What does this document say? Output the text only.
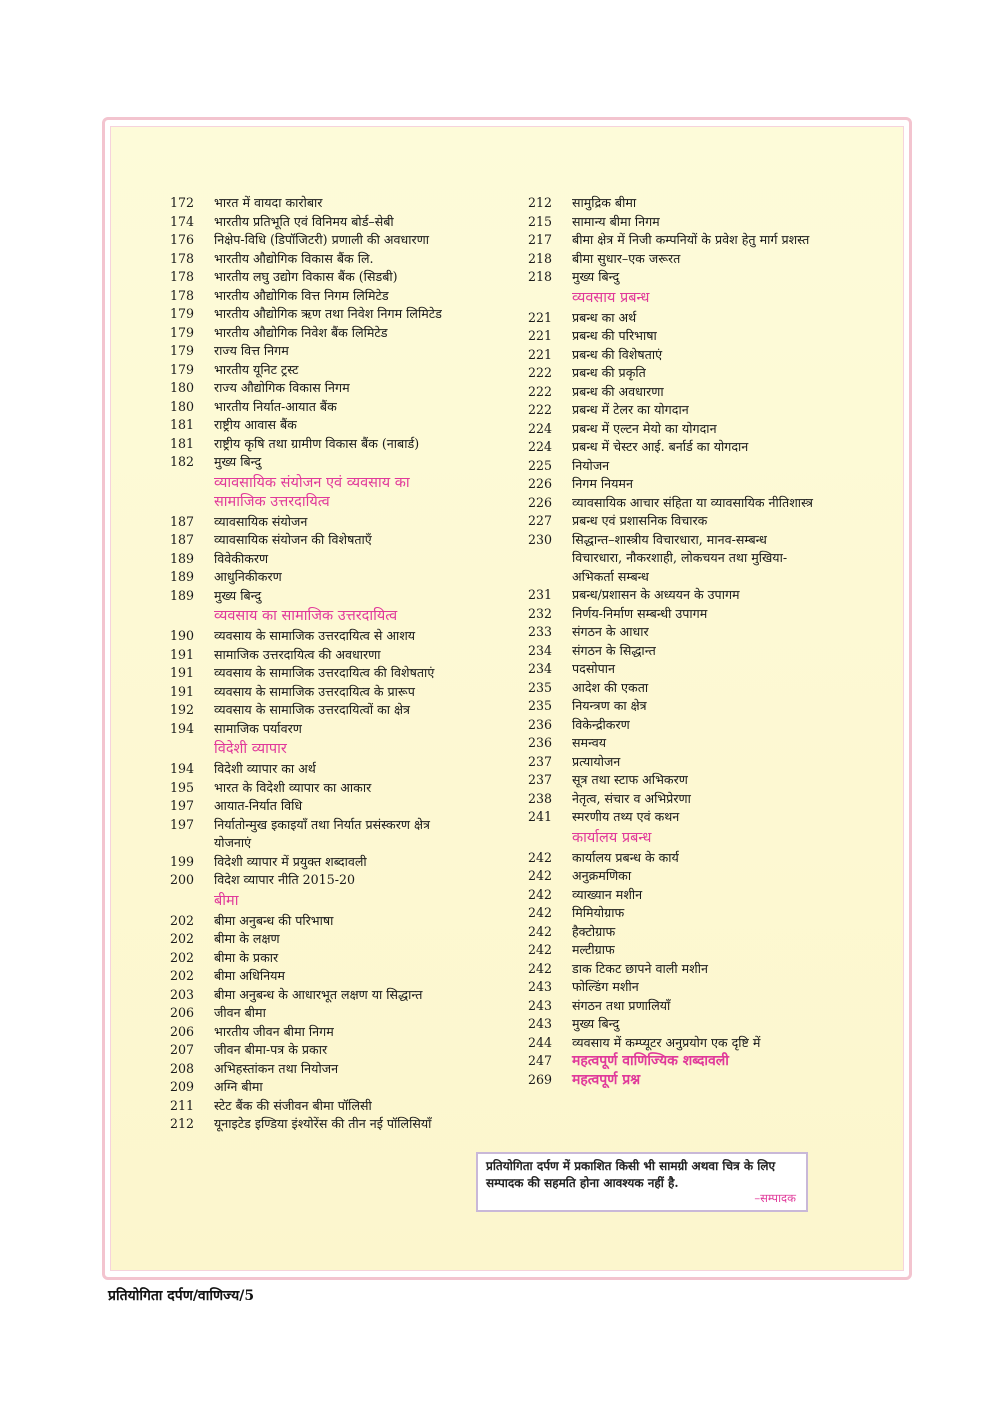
172	भारत में वायदा कारोबार
174	भारतीय प्रतिभूति एवं विनिमय बोर्ड–सेबी
176	निक्षेप-विधि (डिपॉजिटरी) प्रणाली की अवधारणा
178	भारतीय औद्योगिक विकास बैंक लि.
178	भारतीय लघु उद्योग विकास बैंक (सिडबी)
178	भारतीय औद्योगिक वित्त निगम लिमिटेड
179	भारतीय औद्योगिक ऋण तथा निवेश निगम लिमिटेड
179	भारतीय औद्योगिक निवेश बैंक लिमिटेड
179	राज्य वित्त निगम
179	भारतीय यूनिट ट्रस्ट
180	राज्य औद्योगिक विकास निगम
180	भारतीय निर्यात-आयात बैंक
181	राष्ट्रीय आवास बैंक
181	राष्ट्रीय कृषि तथा ग्रामीण विकास बैंक (नाबार्ड)
182	मुख्य बिन्दु
व्यावसायिक संयोजन एवं व्यवसाय का सामाजिक उत्तरदायित्व
187	व्यावसायिक संयोजन
187	व्यावसायिक संयोजन की विशेषताएँ
189	विवेकीकरण
189	आधुनिकीकरण
189	मुख्य बिन्दु
व्यवसाय का सामाजिक उत्तरदायित्व
190	व्यवसाय के सामाजिक उत्तरदायित्व से आशय
191	सामाजिक उत्तरदायित्व की अवधारणा
191	व्यवसाय के सामाजिक उत्तरदायित्व की विशेषताएं
191	व्यवसाय के सामाजिक उत्तरदायित्व के प्रारूप
192	व्यवसाय के सामाजिक उत्तरदायित्वों का क्षेत्र
194	सामाजिक पर्यावरण
विदेशी व्यापार
194	विदेशी व्यापार का अर्थ
195	भारत के विदेशी व्यापार का आकार
197	आयात-निर्यात विधि
197	निर्यातोन्मुख इकाइयाँ तथा निर्यात प्रसंस्करण क्षेत्र योजनाएं
199	विदेशी व्यापार में प्रयुक्त शब्दावली
200	विदेश व्यापार नीति 2015-20
बीमा
202	बीमा अनुबन्ध की परिभाषा
202	बीमा के लक्षण
202	बीमा के प्रकार
202	बीमा अधिनियम
203	बीमा अनुबन्ध के आधारभूत लक्षण या सिद्धान्त
206	जीवन बीमा
206	भारतीय जीवन बीमा निगम
207	जीवन बीमा-पत्र के प्रकार
208	अभिहस्तांकन तथा नियोजन
209	अग्नि बीमा
211	स्टेट बैंक की संजीवन बीमा पॉलिसी
212	यूनाइटेड इण्डिया इंश्योरेंस की तीन नई पॉलिसियाँ
212	सामुद्रिक बीमा
215	सामान्य बीमा निगम
217	बीमा क्षेत्र में निजी कम्पनियों के प्रवेश हेतु मार्ग प्रशस्त
218	बीमा सुधार–एक जरूरत
218	मुख्य बिन्दु
व्यवसाय प्रबन्ध
221	प्रबन्ध का अर्थ
221	प्रबन्ध की परिभाषा
221	प्रबन्ध की विशेषताएं
222	प्रबन्ध की प्रकृति
222	प्रबन्ध की अवधारणा
222	प्रबन्ध में टेलर का योगदान
224	प्रबन्ध में एल्टन मेयो का योगदान
224	प्रबन्ध में चेस्टर आई. बर्नार्ड का योगदान
225	नियोजन
226	निगम नियमन
226	व्यावसायिक आचार संहिता या व्यावसायिक नीतिशास्त्र
227	प्रबन्ध एवं प्रशासनिक विचारक
230	सिद्धान्त–शास्त्रीय विचारधारा, मानव-सम्बन्ध विचारधारा, नौकरशाही, लोकचयन तथा मुखिया-अभिकर्ता सम्बन्ध
231	प्रबन्ध/प्रशासन के अध्ययन के उपागम
232	निर्णय-निर्माण सम्बन्धी उपागम
233	संगठन के आधार
234	संगठन के सिद्धान्त
234	पदसोपान
235	आदेश की एकता
235	नियन्त्रण का क्षेत्र
236	विकेन्द्रीकरण
236	समन्वय
237	प्रत्यायोजन
237	सूत्र तथा स्टाफ अभिकरण
238	नेतृत्व, संचार व अभिप्रेरणा
241	स्मरणीय तथ्य एवं कथन
कार्यालय प्रबन्ध
242	कार्यालय प्रबन्ध के कार्य
242	अनुक्रमणिका
242	व्याख्यान मशीन
242	मिमियोग्राफ
242	हैक्टोग्राफ
242	मल्टीग्राफ
242	डाक टिकट छापने वाली मशीन
243	फोल्डिंग मशीन
243	संगठन तथा प्रणालियाँ
243	मुख्य बिन्दु
244	व्यवसाय में कम्प्यूटर अनुप्रयोग एक दृष्टि में
247	महत्वपूर्ण वाणिज्यिक शब्दावली
269	महत्वपूर्ण प्रश्न
प्रतियोगिता दर्पण में प्रकाशित किसी भी सामग्री अथवा चित्र के लिए सम्पादक की सहमति होना आवश्यक नहीं है.
–सम्पादक
प्रतियोगिता दर्पण/वाणिज्य/5
